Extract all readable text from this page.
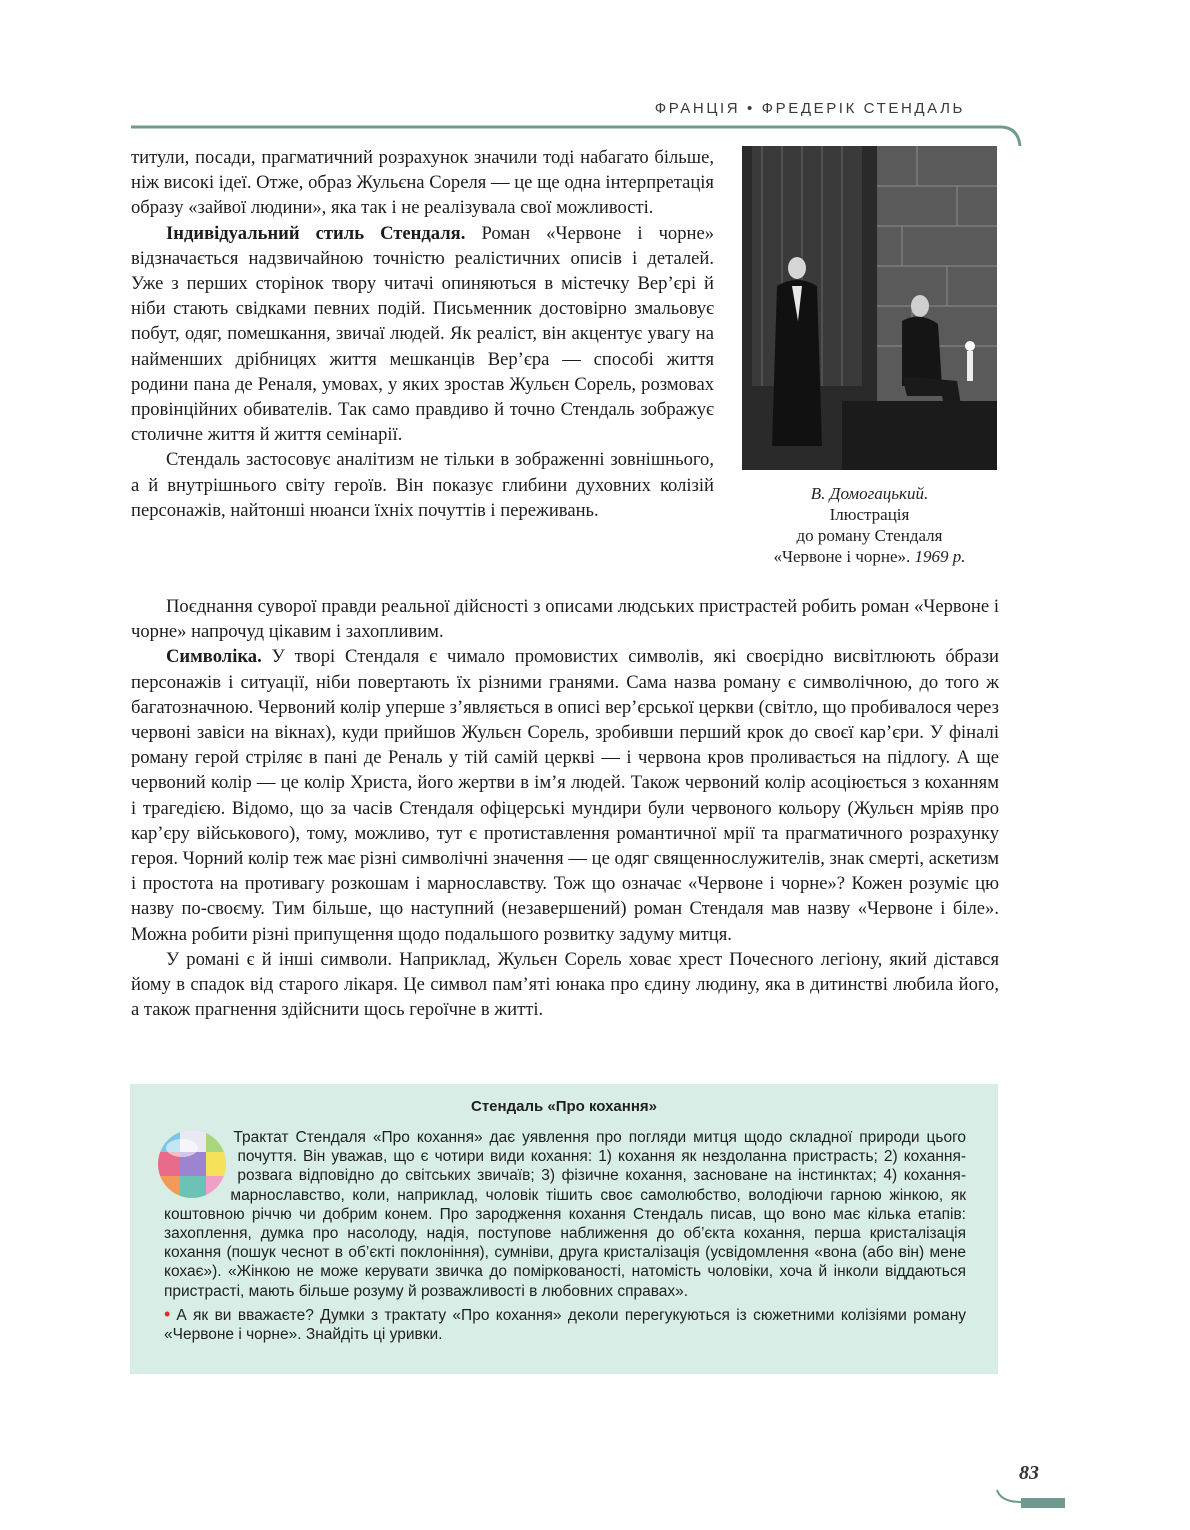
ФРАНЦІЯ • ФРЕДЕРІК СТЕНДАЛЬ
В. Домогацький.
Ілюстрація
до роману Стендаля
«Червоне і чорне». 1969 р.

титули, посади, прагматичний розрахунок значили тоді набагато більше, ніж високі ідеї. Отже, образ Жульєна Сореля — це ще одна інтерпретація образу «зайвої людини», яка так і не реалізувала свої можливості.

Індивідуальний стиль Стендаля. Роман «Червоне і чорне» відзначається надзвичайною точністю реалістичних описів і деталей. Уже з перших сторінок твору читачі опиняються в містечку Вер’єрі й ніби стають свідками певних подій. Письменник достовірно змальовує побут, одяг, помешкання, звичаї людей. Як реаліст, він акцентує увагу на найменших дрібницях життя мешканців Вер’єра — способі життя родини пана де Реналя, умовах, у яких зростав Жульєн Сорель, розмовах провінційних обивателів. Так само правдиво й точно Стендаль зображує столичне життя й життя семінарії.

Стендаль застосовує аналітизм не тільки в зображенні зовнішнього, а й внутрішнього світу героїв. Він показує глибини духовних колізій персонажів, найтонші нюанси їхніх почуттів і переживань.

Поєднання суворої правди реальної дійсності з описами людських пристрастей робить роман «Червоне і чорне» напрочуд цікавим і захопливим.

Символіка. У творі Стендаля є чимало промовистих символів, які своєрідно висвітлюють óбрази персонажів і ситуації, ніби повертають їх різними гранями. Сама назва роману є символічною, до того ж багатозначною. Червоний колір уперше з’являється в описі вер’єрської церкви (світло, що пробивалося через червоні завіси на вікнах), куди прийшов Жульєн Сорель, зробивши перший крок до своєї кар’єри. У фіналі роману герой стріляє в пані де Реналь у тій самій церкві — і червона кров проливається на підлогу. А ще червоний колір — це колір Христа, його жертви в ім’я людей. Також червоний колір асоціюється з коханням і трагедією. Відомо, що за часів Стендаля офіцерські мундири були червоного кольору (Жульєн мріяв про кар’єру військового), тому, можливо, тут є протиставлення романтичної мрії та прагматичного розрахунку героя. Чорний колір теж має різні символічні значення — це одяг священнослужителів, знак смерті, аскетизм і простота на противагу розкошам і марнославству. Тож що означає «Червоне і чорне»? Кожен розуміє цю назву по-своєму. Тим більше, що наступний (незавершений) роман Стендаля мав назву «Червоне і біле». Можна робити різні припущення щодо подальшого розвитку задуму митця.

У романі є й інші символи. Наприклад, Жульєн Сорель ховає хрест Почесного легіону, який дістався йому в спадок від старого лікаря. Це символ пам’яті юнака про єдину людину, яка в дитинстві любила його, а також прагнення здійснити щось героїчне в житті.

Стендаль «Про кохання»

Трактат Стендаля «Про кохання» дає уявлення про погляди митця щодо складної природи цього почуття. Він уважав, що є чотири види кохання: 1) кохання як нездоланна пристрасть; 2) кохання-розвага відповідно до світських звичаїв; 3) фізичне кохання, засноване на інстинктах; 4) кохання-марнославство, коли, наприклад, чоловік тішить своє самолюбство, володіючи гарною жінкою, як коштовною річчю чи добрим конем. Про зародження кохання Стендаль писав, що воно має кілька етапів: захоплення, думка про насолоду, надія, поступове наближення до об’єкта кохання, перша кристалізація кохання (пошук чеснот в об’єкті поклоніння), сумніви, друга кристалізація (усвідомлення «вона (або він) мене кохає»). «Жінкою не може керувати звичка до поміркованості, натомість чоловіки, хоча й інколи віддаються пристрасті, мають більше розуму й розважливості в любовних справах».

• А як ви вважаєте? Думки з трактату «Про кохання» деколи перегукуються із сюжетними колізіями роману «Червоне і чорне». Знайдіть ці уривки.

83
